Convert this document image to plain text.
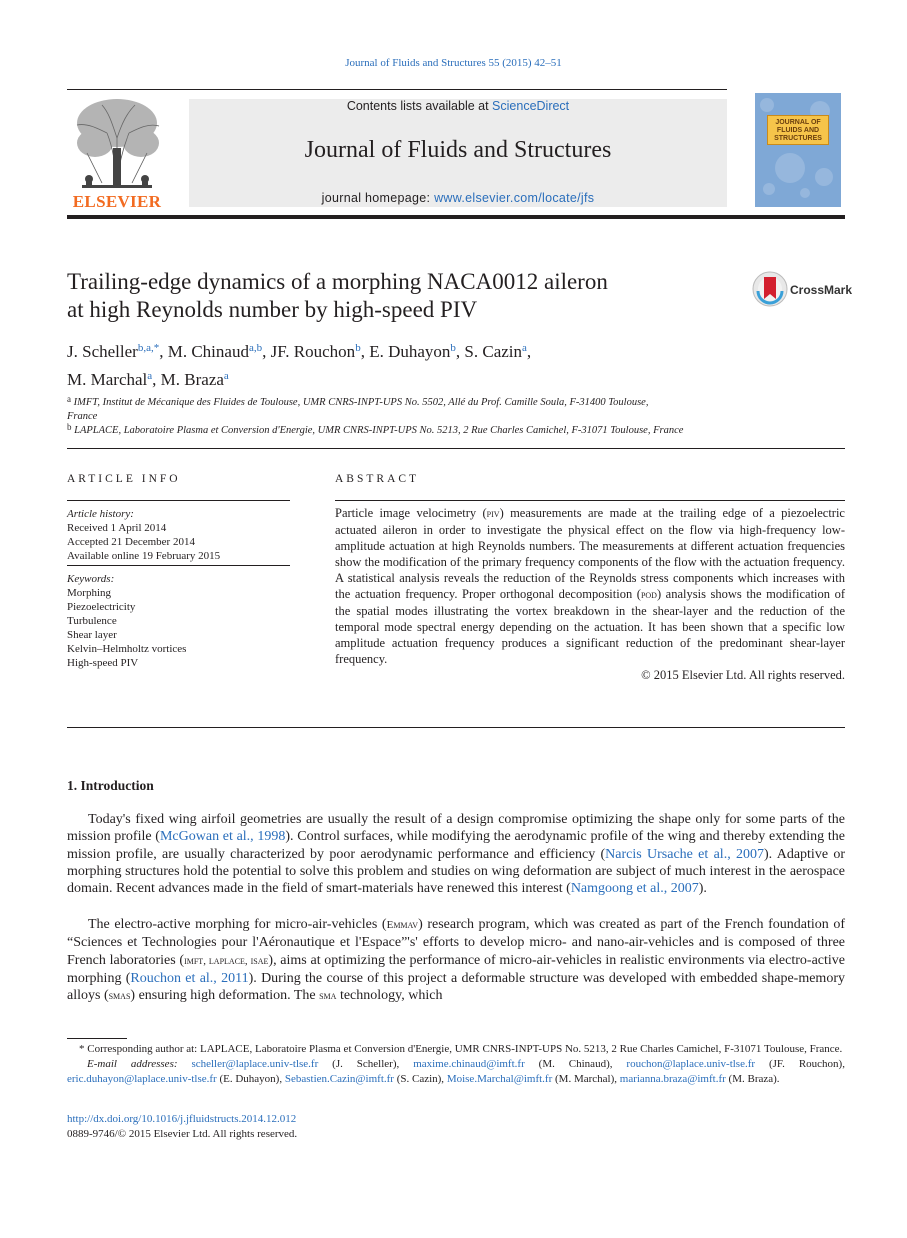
Journal of Fluids and Structures 55 (2015) 42–51
ELSEVIER
Contents lists available at ScienceDirect
Journal of Fluids and Structures
journal homepage: www.elsevier.com/locate/jfs
JOURNAL OF FLUIDS AND STRUCTURES
Trailing-edge dynamics of a morphing NACA0012 aileron
at high Reynolds number by high-speed PIV
CrossMark
J. Scheller$^{b,a,*}$, M. Chinaud$^{a,b}$, JF. Rouchon$^b$, E. Duhayon$^b$, S. Cazin$^a$,
M. Marchal$^a$, M. Braza$^a$
a IMFT, Institut de Mécanique des Fluides de Toulouse, UMR CNRS-INPT-UPS No. 5502, Allé du Prof. Camille Soula, F-31400 Toulouse,
France
b LAPLACE, Laboratoire Plasma et Conversion d'Energie, UMR CNRS-INPT-UPS No. 5213, 2 Rue Charles Camichel, F-31071 Toulouse, France
ARTICLE INFO
Article history:
Received 1 April 2014
Accepted 21 December 2014
Available online 19 February 2015
Keywords:
Morphing
Piezoelectricity
Turbulence
Shear layer
Kelvin–Helmholtz vortices
High-speed PIV
ABSTRACT
Particle image velocimetry (piv) measurements are made at the trailing edge of a piezoelectric actuated aileron in order to investigate the physical effect on the flow via high-frequency low-amplitude actuation at high Reynolds numbers. The measurements at different actuation frequencies show the modification of the primary frequency components of the flow with the actuation frequency. A statistical analysis reveals the reduction of the Reynolds stress components which increases with the actuation frequency. Proper orthogonal decomposition (pod) analysis shows the modification of the spatial modes illustrating the vortex breakdown in the shear-layer and the reduction of the temporal mode spectral energy depending on the actuation. It has been shown that a specific low amplitude actuation frequency produces a significant reduction of the predominant shear-layer frequency.
© 2015 Elsevier Ltd. All rights reserved.
1. Introduction
Today's fixed wing airfoil geometries are usually the result of a design compromise optimizing the shape only for some parts of the mission profile (McGowan et al., 1998). Control surfaces, while modifying the aerodynamic profile of the wing and thereby extending the mission profile, are usually characterized by poor aerodynamic performance and efficiency (Narcis Ursache et al., 2007). Adaptive or morphing structures hold the potential to solve this problem and studies on wing deformation are subject of much interest in the aerospace domain. Recent advances made in the field of smart-materials have renewed this interest (Namgoong et al., 2007).
The electro-active morphing for micro-air-vehicles (Emmav) research program, which was created as part of the French foundation of “Sciences et Technologies pour l'Aéronautique et l'Espace”'s' efforts to develop micro- and nano-air-vehicles and is composed of three French laboratories (imft, laplace, isae), aims at optimizing the performance of micro-air-vehicles in realistic environments via electro-active morphing (Rouchon et al., 2011). During the course of this project a deformable structure was developed with embedded shape-memory alloys (smas) ensuring high deformation. The sma technology, which
* Corresponding author at: LAPLACE, Laboratoire Plasma et Conversion d'Energie, UMR CNRS-INPT-UPS No. 5213, 2 Rue Charles Camichel, F-31071 Toulouse, France.
E-mail addresses: scheller@laplace.univ-tlse.fr (J. Scheller), maxime.chinaud@imft.fr (M. Chinaud), rouchon@laplace.univ-tlse.fr (JF. Rouchon), eric.duhayon@laplace.univ-tlse.fr (E. Duhayon), Sebastien.Cazin@imft.fr (S. Cazin), Moise.Marchal@imft.fr (M. Marchal), marianna.braza@imft.fr (M. Braza).
http://dx.doi.org/10.1016/j.jfluidstructs.2014.12.012
0889-9746/© 2015 Elsevier Ltd. All rights reserved.
